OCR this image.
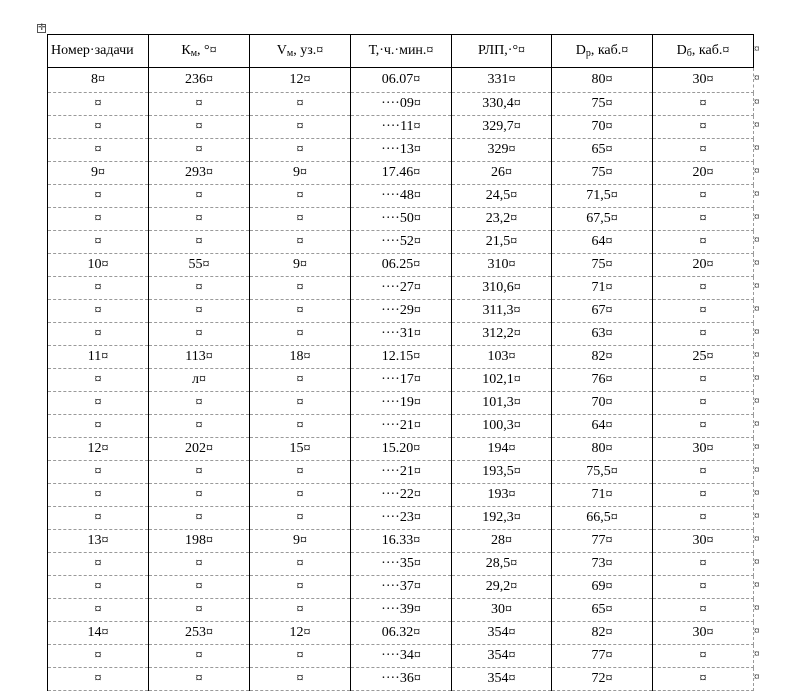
✛
Номер·задачи	$К_м$, °¤	$V_м$, уз.¤	Т,·ч.·мин.¤	РЛП,·°¤	$D_р$, каб.¤	$D_б$, каб.¤
8¤	236¤	12¤	06.07¤	331¤	80¤	30¤
¤	¤	¤	····09¤	330,4¤	75¤	¤
¤	¤	¤	····11¤	329,7¤	70¤	¤
¤	¤	¤	····13¤	329¤	65¤	¤
9¤	293¤	9¤	17.46¤	26¤	75¤	20¤
¤	¤	¤	····48¤	24,5¤	71,5¤	¤
¤	¤	¤	····50¤	23,2¤	67,5¤	¤
¤	¤	¤	····52¤	21,5¤	64¤	¤
10¤	55¤	9¤	06.25¤	310¤	75¤	20¤
¤	¤	¤	····27¤	310,6¤	71¤	¤
¤	¤	¤	····29¤	311,3¤	67¤	¤
¤	¤	¤	····31¤	312,2¤	63¤	¤
11¤	113¤	18¤	12.15¤	103¤	82¤	25¤
¤	л¤	¤	····17¤	102,1¤	76¤	¤
¤	¤	¤	····19¤	101,3¤	70¤	¤
¤	¤	¤	····21¤	100,3¤	64¤	¤
12¤	202¤	15¤	15.20¤	194¤	80¤	30¤
¤	¤	¤	····21¤	193,5¤	75,5¤	¤
¤	¤	¤	····22¤	193¤	71¤	¤
¤	¤	¤	····23¤	192,3¤	66,5¤	¤
13¤	198¤	9¤	16.33¤	28¤	77¤	30¤
¤	¤	¤	····35¤	28,5¤	73¤	¤
¤	¤	¤	····37¤	29,2¤	69¤	¤
¤	¤	¤	····39¤	30¤	65¤	¤
14¤	253¤	12¤	06.32¤	354¤	82¤	30¤
¤	¤	¤	····34¤	354¤	77¤	¤
¤	¤	¤	····36¤	354¤	72¤	¤
¤
¤
¤
¤
¤
¤
¤
¤
¤
¤
¤
¤
¤
¤
¤
¤
¤
¤
¤
¤
¤
¤
¤
¤
¤
¤
¤
¤
